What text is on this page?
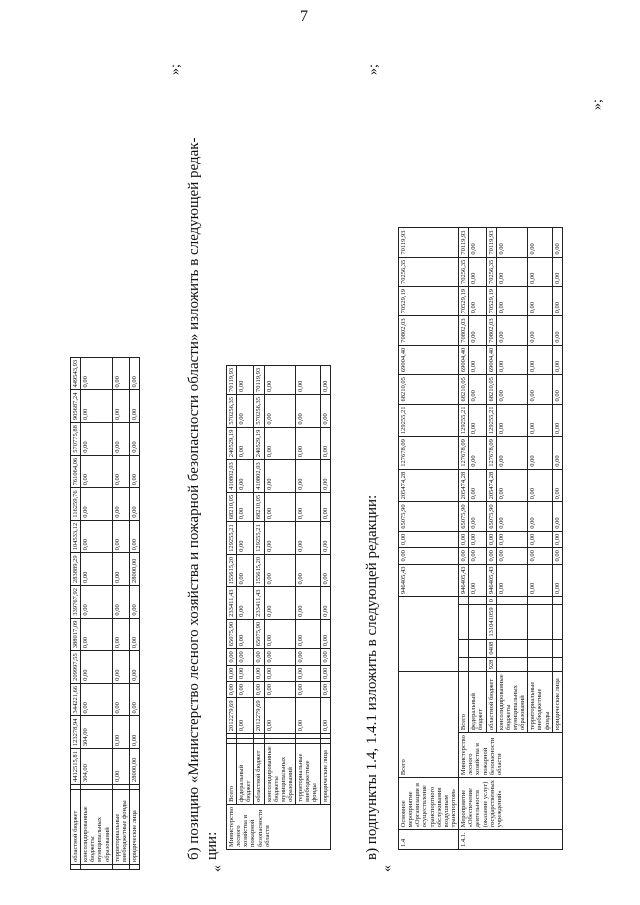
7
	областной бюджет		4412515,81	123278,94	344221,66	209997,55	388017,09	339767,92	283889,29	104533,12	116259,76	761064,06	570775,88	905687,24	449543,93
	консолидированные бюджеты муниципальных образований		304,00	304,00	0,00	0,00	0,00	0,00	0,00	0,00	0,00	0,00	0,00	0,00	0,00
	территориальные внебюджетные фонды		0,00	0,00	0,00	0,00	0,00	0,00	0,00	0,00	0,00	0,00	0,00	0,00	0,00
	юридические лица		28000,00	0,00	0,00	0,00	0,00	0,00	28000,00	0,00	0,00	0,00	0,00	0,00	0,00
»;
б) позицию «Министерство лесного хозяйства и пожарной безопасности области» изложить в следующей редак- ции:
«
Министерство лесного хозяйства и пожарной безопасности области	Всего			2012279,69	0,00	0,00	0,00	65075,90	233411,43	155615,20	129255,21	68210,05	410802,03	240529,19	570256,35	70119,93
	федеральный бюджет			0,00	0,00	0,00	0,00	0,00	0,00	0,00	0,00	0,00	0,00	0,00	0,00	0,00
	областной бюджет			2012279,69	0,00	0,00	0,00	65075,90	233411,43	155615,20	129255,21	68210,05	410802,03	240529,19	570256,35	70119,93
	консолидированные бюджеты муниципальных образований			0,00	0,00	0,00	0,00	0,00	0,00	0,00	0,00	0,00	0,00	0,00	0,00	0,00
	территориальные внебюджетные фонды			0,00	0,00	0,00	0,00	0,00	0,00	0,00	0,00	0,00	0,00	0,00	0,00	0,00
	юридические лица			0,00	0,00	0,00	0,00	0,00	0,00	0,00	0,00	0,00	0,00	0,00	0,00	0,00
»;
в) подпункты 1.4, 1.4.1 изложить в следующей редакции:
«
1.4	Основное мероприятие «Организация и осуществление транспортного обслуживания воздушным транспортом»	Всего						946405,43	0,00	0,00	65075,90	205474,28	127678,09	129255,21	68210,05	69004,40	70802,03	70529,19	70256,35	70119,93
1.4.1.	Мероприятие «Обеспечение деятельности (оказание услуг) государственных учреждений»	Министерство лесного хозяйства и пожарной безопасности области	Всего					946405,43	0,00	0,00	65075,90	205474,28	127678,09	129255,21	68210,05	69004,40	70802,03	70529,19	70256,35	70119,93
			федеральный бюджет					0,00	0,00	0,00	0,00	0,00	0,00	0,00	0,00	0,00	0,00	0,00	0,00	0,00
			областной бюджет	928	0408	131041059	0	946405,43	0,00	0,00	65075,90	205474,28	127678,09	129255,21	68210,05	69004,40	70802,03	70529,19	70256,35	70119,93
			консолидированные бюджеты муниципальных образований					0,00	0,00	0,00	0,00	0,00	0,00	0,00	0,00	0,00	0,00	0,00	0,00	0,00
			территориальные внебюджетные фонды					0,00	0,00	0,00	0,00	0,00	0,00	0,00	0,00	0,00	0,00	0,00	0,00	0,00
			юридические лица					0,00	0,00	0,00	0,00	0,00	0,00	0,00	0,00	0,00	0,00	0,00	0,00	0,00
»;
